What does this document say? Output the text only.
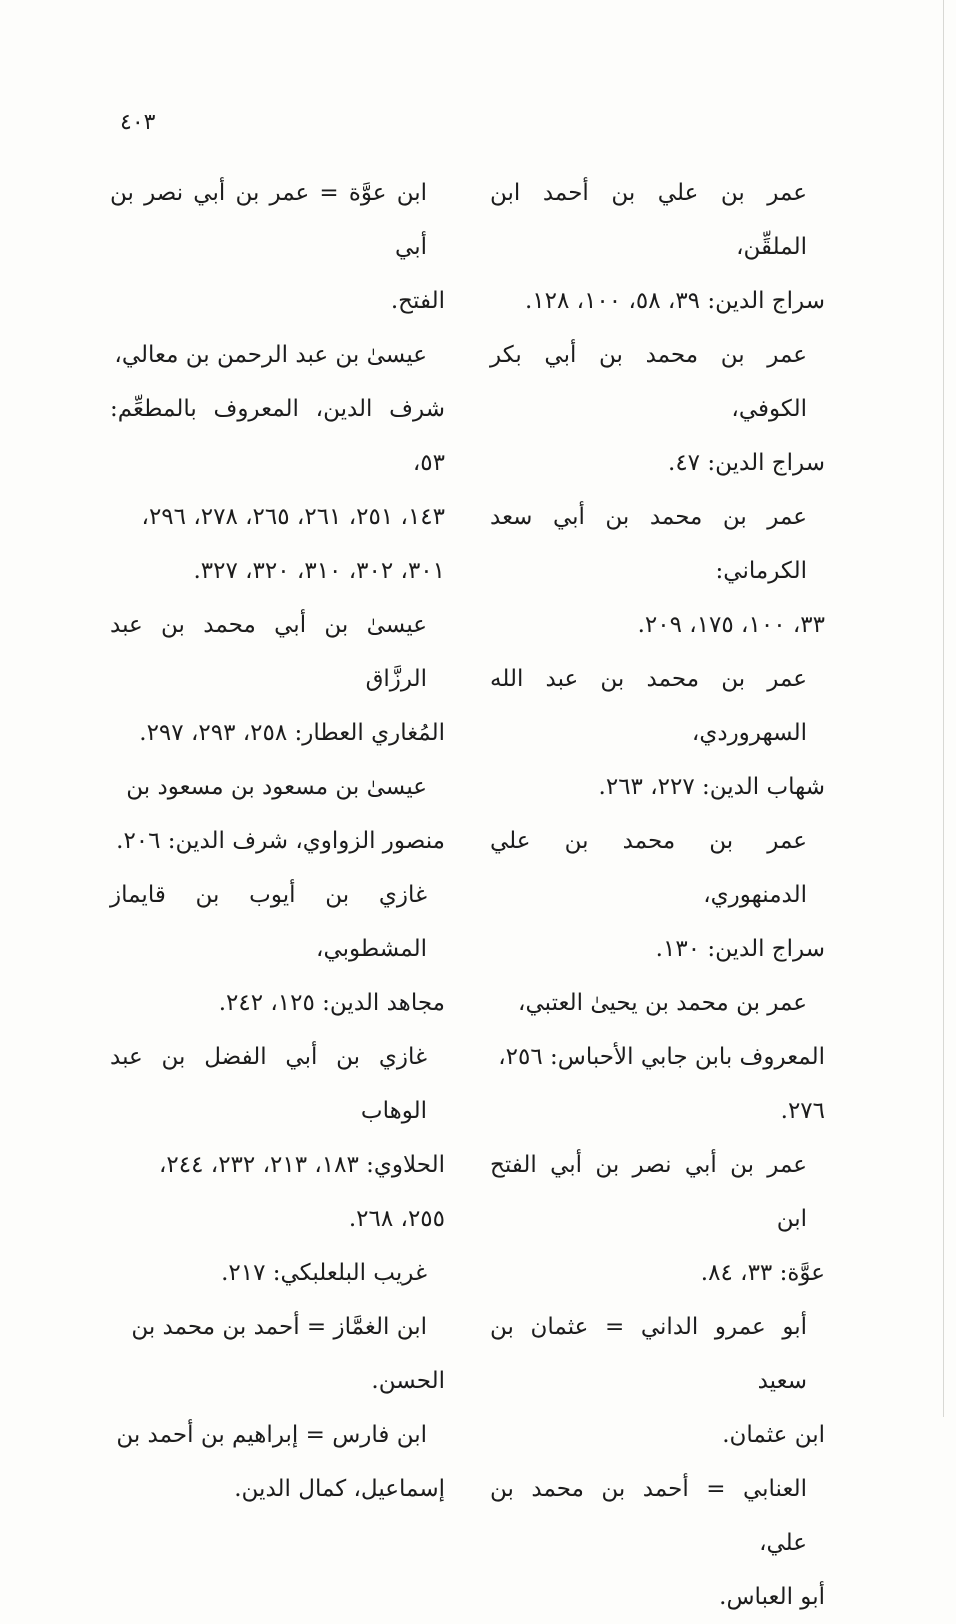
٤٠٣
عمر بن علي بن أحمد ابن الملقِّن،
سراج الدين: ٣٩، ٥٨، ١٠٠، ١٢٨.
عمر بن محمد بن أبي بكر الكوفي،
سراج الدين: ٤٧.
عمر بن محمد بن أبي سعد الكرماني:
٣٣، ١٠٠، ١٧٥، ٢٠٩.
عمر بن محمد بن عبد الله السهروردي،
شهاب الدين: ٢٢٧، ٢٦٣.
عمر بن محمد بن علي الدمنهوري،
سراج الدين: ١٣٠.
عمر بن محمد بن يحيىٰ العتبي،
المعروف بابن جابي الأحباس: ٢٥٦،
٢٧٦.
عمر بن أبي نصر بن أبي الفتح ابن
عوَّة: ٣٣، ٨٤.
أبو عمرو الداني = عثمان بن سعيد
ابن عثمان.
العنابي = أحمد بن محمد بن علي،
أبو العباس.
ابن عوَّة = عمر بن أبي نصر بن أبي
الفتح.
عيسىٰ بن عبد الرحمن بن معالي،
شرف الدين، المعروف بالمطعِّم: ٥٣،
١٤٣، ٢٥١، ٢٦١، ٢٦٥، ٢٧٨، ٢٩٦،
٣٠١، ٣٠٢، ٣١٠، ٣٢٠، ٣٢٧.
عيسىٰ بن أبي محمد بن عبد الرزَّاق
المُغاري العطار: ٢٥٨، ٢٩٣، ٢٩٧.
عيسىٰ بن مسعود بن مسعود بن
منصور الزواوي، شرف الدين: ٢٠٦.
غازي بن أيوب بن قايماز المشطوبي،
مجاهد الدين: ١٢٥، ٢٤٢.
غازي بن أبي الفضل بن عبد الوهاب
الحلاوي: ١٨٣، ٢١٣، ٢٣٢، ٢٤٤،
٢٥٥، ٢٦٨.
غريب البلعلبكي: ٢١٧.
ابن الغمَّاز = أحمد بن محمد بن
الحسن.
ابن فارس = إبراهيم بن أحمد بن
إسماعيل، كمال الدين.
